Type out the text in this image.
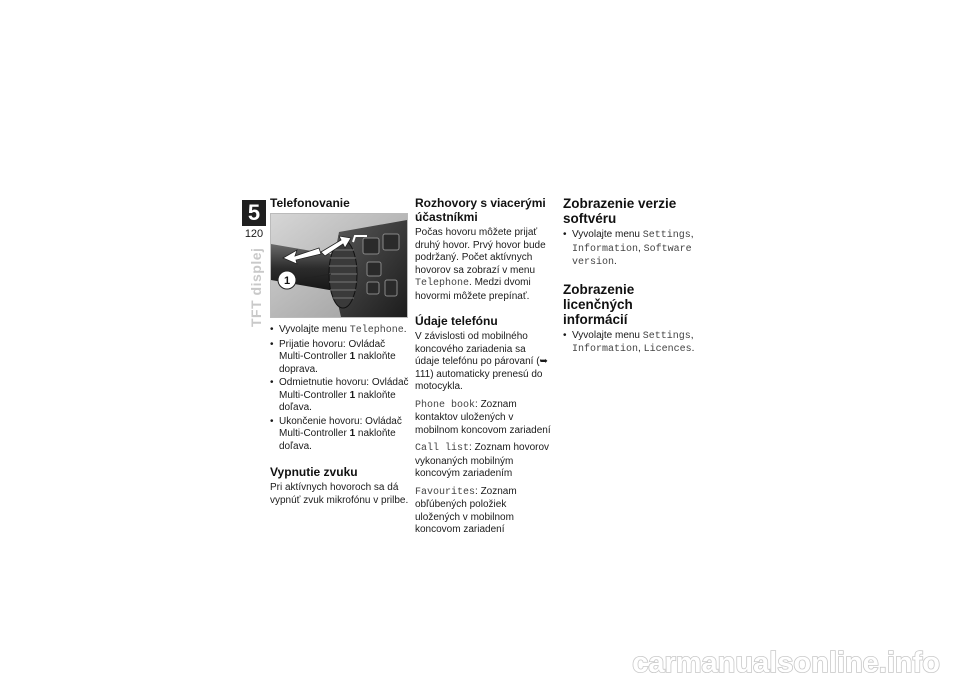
5
120
TFT displej
Telefonovanie
1
• Vyvolajte menu Telephone.
• Prijatie hovoru: Ovládač Multi-Controller 1 nakloňte doprava.
• Odmietnutie hovoru: Ovládač Multi-Controller 1 nakloňte doľava.
• Ukončenie hovoru: Ovládač Multi-Controller 1 nakloňte doľava.
Vypnutie zvuku

Pri aktívnych hovoroch sa dá vypnúť zvuk mikrofónu v prilbe.

Rozhovory s viacerými účastníkmi

Počas hovoru môžete prijať druhý hovor. Prvý hovor bude podržaný. Počet aktívnych hovorov sa zobrazí v menu Telephone. Medzi dvomi hovormi môžete prepínať.

Údaje telefónu

V závislosti od mobilného koncového zariadenia sa údaje telefónu po párovaní (➥ 111) automaticky prenesú do motocykla.

Phone book: Zoznam kontaktov uložených v mobilnom koncovom zariadení

Call list: Zoznam hovorov vykonaných mobilným koncovým zariadením

Favourites: Zoznam obľúbených položiek uložených v mobilnom koncovom zariadení

Zobrazenie verzie softvéru
• Vyvolajte menu Settings, Information, Software version.
Zobrazenie licenčných informácií
• Vyvolajte menu Settings, Information, Licences.
carmanualsonline.info
